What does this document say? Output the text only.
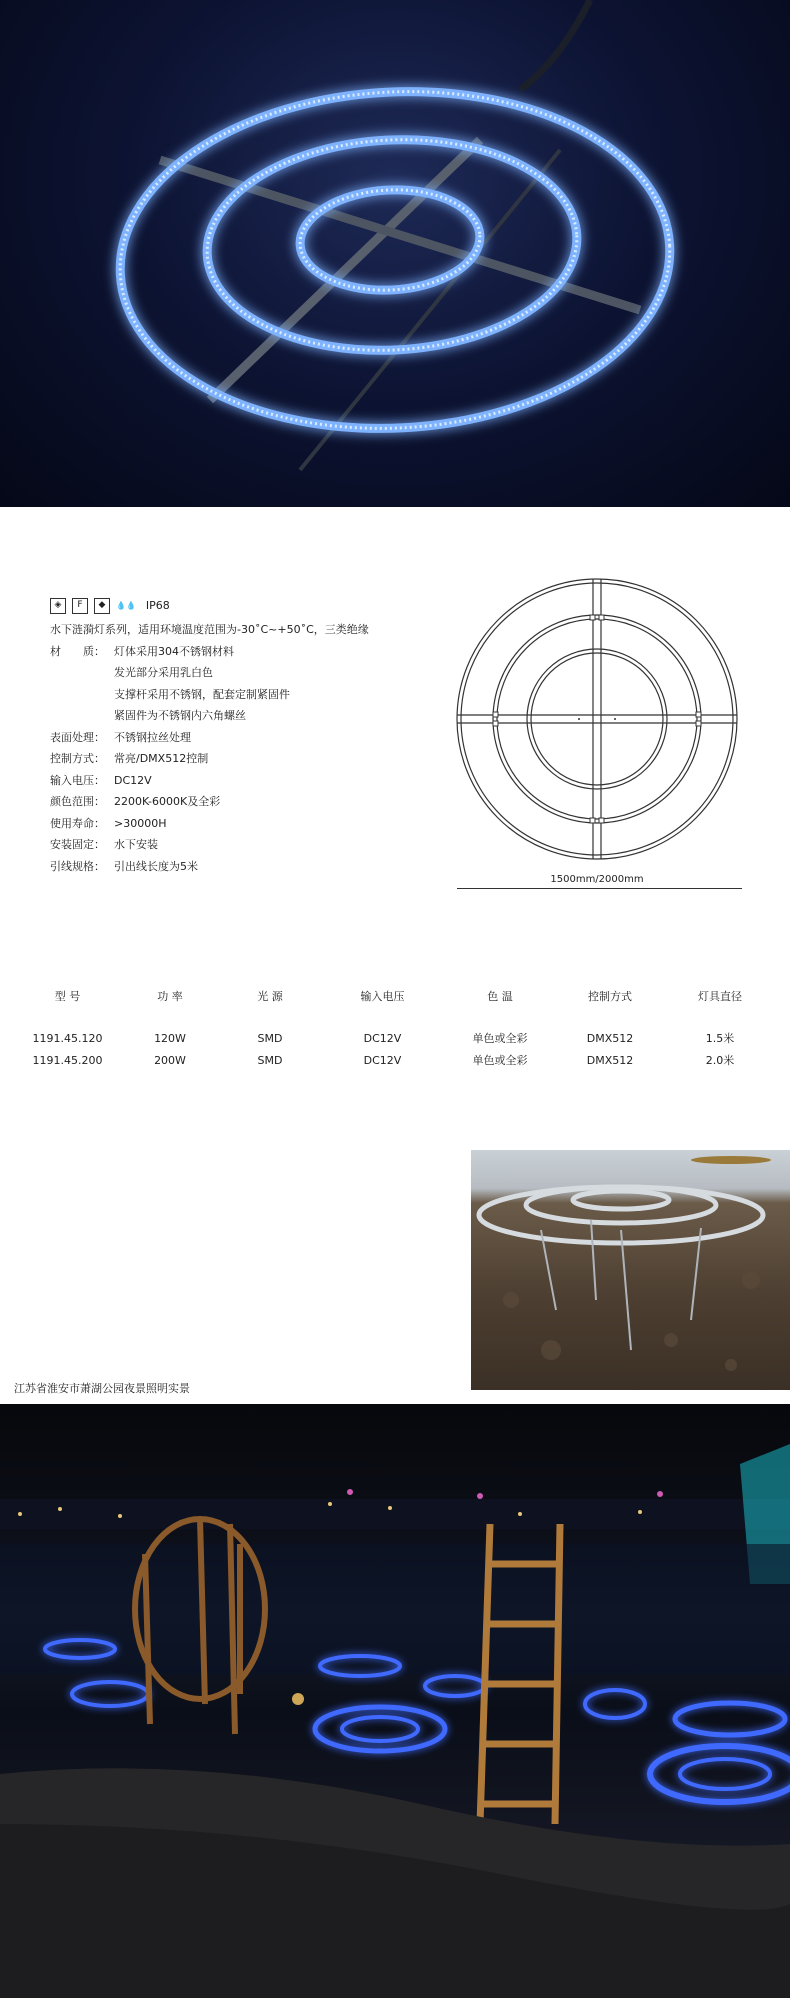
◈	F	◆	💧💧 IP68
水下涟漪灯系列，适用环境温度范围为-30˚C~+50˚C，三类绝缘
材　　质： 灯体采用304不锈钢材料
发光部分采用乳白色
支撑杆采用不锈钢，配套定制紧固件
紧固件为不锈钢内六角螺丝
表面处理： 不锈钢拉丝处理
控制方式： 常亮/DMX512控制
输入电压： DC12V
颜色范围： 2200K-6000K及全彩
使用寿命： >30000H
安装固定： 水下安装
引线规格： 引出线长度为5米
1500mm/2000mm
型 号	功 率	光 源	输入电压	色 温	控制方式	灯具直径
1191.45.120	120W	SMD	DC12V	单色或全彩	DMX512	1.5米
1191.45.200	200W	SMD	DC12V	单色或全彩	DMX512	2.0米
江苏省淮安市萧湖公园夜景照明实景
